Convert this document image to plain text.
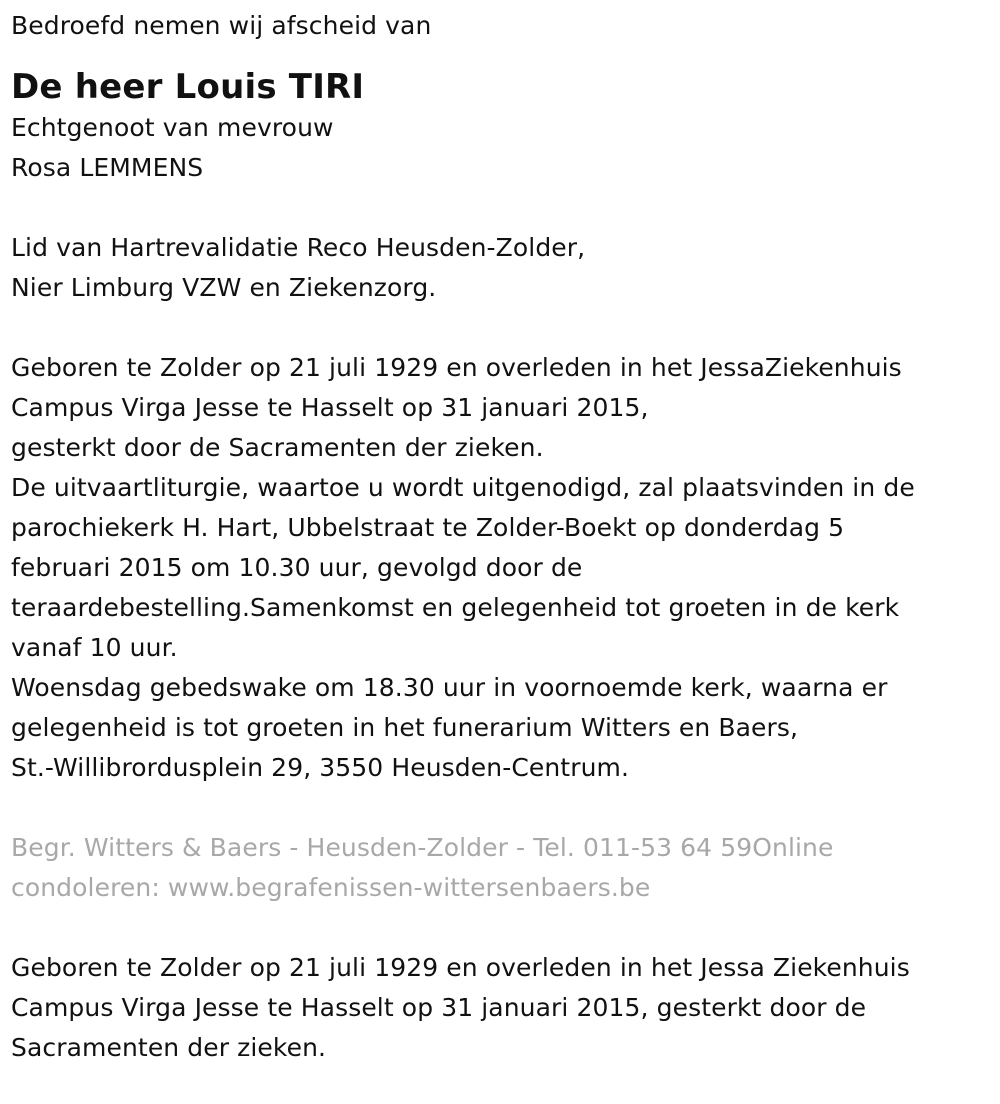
Bedroefd nemen wij afscheid van
De heer Louis TIRI
Echtgenoot van mevrouw
Rosa LEMMENS
Lid van Hartrevalidatie Reco Heusden-Zolder,
Nier Limburg VZW en Ziekenzorg.
Geboren te Zolder op 21 juli 1929 en overleden in het JessaZiekenhuis
Campus Virga Jesse te Hasselt op 31 januari 2015,
gesterkt door de Sacramenten der zieken.
De uitvaartliturgie, waartoe u wordt uitgenodigd, zal plaatsvinden in de
parochiekerk H. Hart, Ubbelstraat te Zolder-Boekt op donderdag 5
februari 2015 om 10.30 uur, gevolgd door de
teraardebestelling.Samenkomst en gelegenheid tot groeten in de kerk
vanaf 10 uur.
Woensdag gebedswake om 18.30 uur in voornoemde kerk, waarna er
gelegenheid is tot groeten in het funerarium Witters en Baers,
St.-Willibrordusplein 29, 3550 Heusden-Centrum.
Begr. Witters & Baers - Heusden-Zolder - Tel. 011-53 64 59Online
condoleren: www.begrafenissen-wittersenbaers.be
Geboren te Zolder op 21 juli 1929 en overleden in het Jessa Ziekenhuis
Campus Virga Jesse te Hasselt op 31 januari 2015, gesterkt door de
Sacramenten der zieken.
